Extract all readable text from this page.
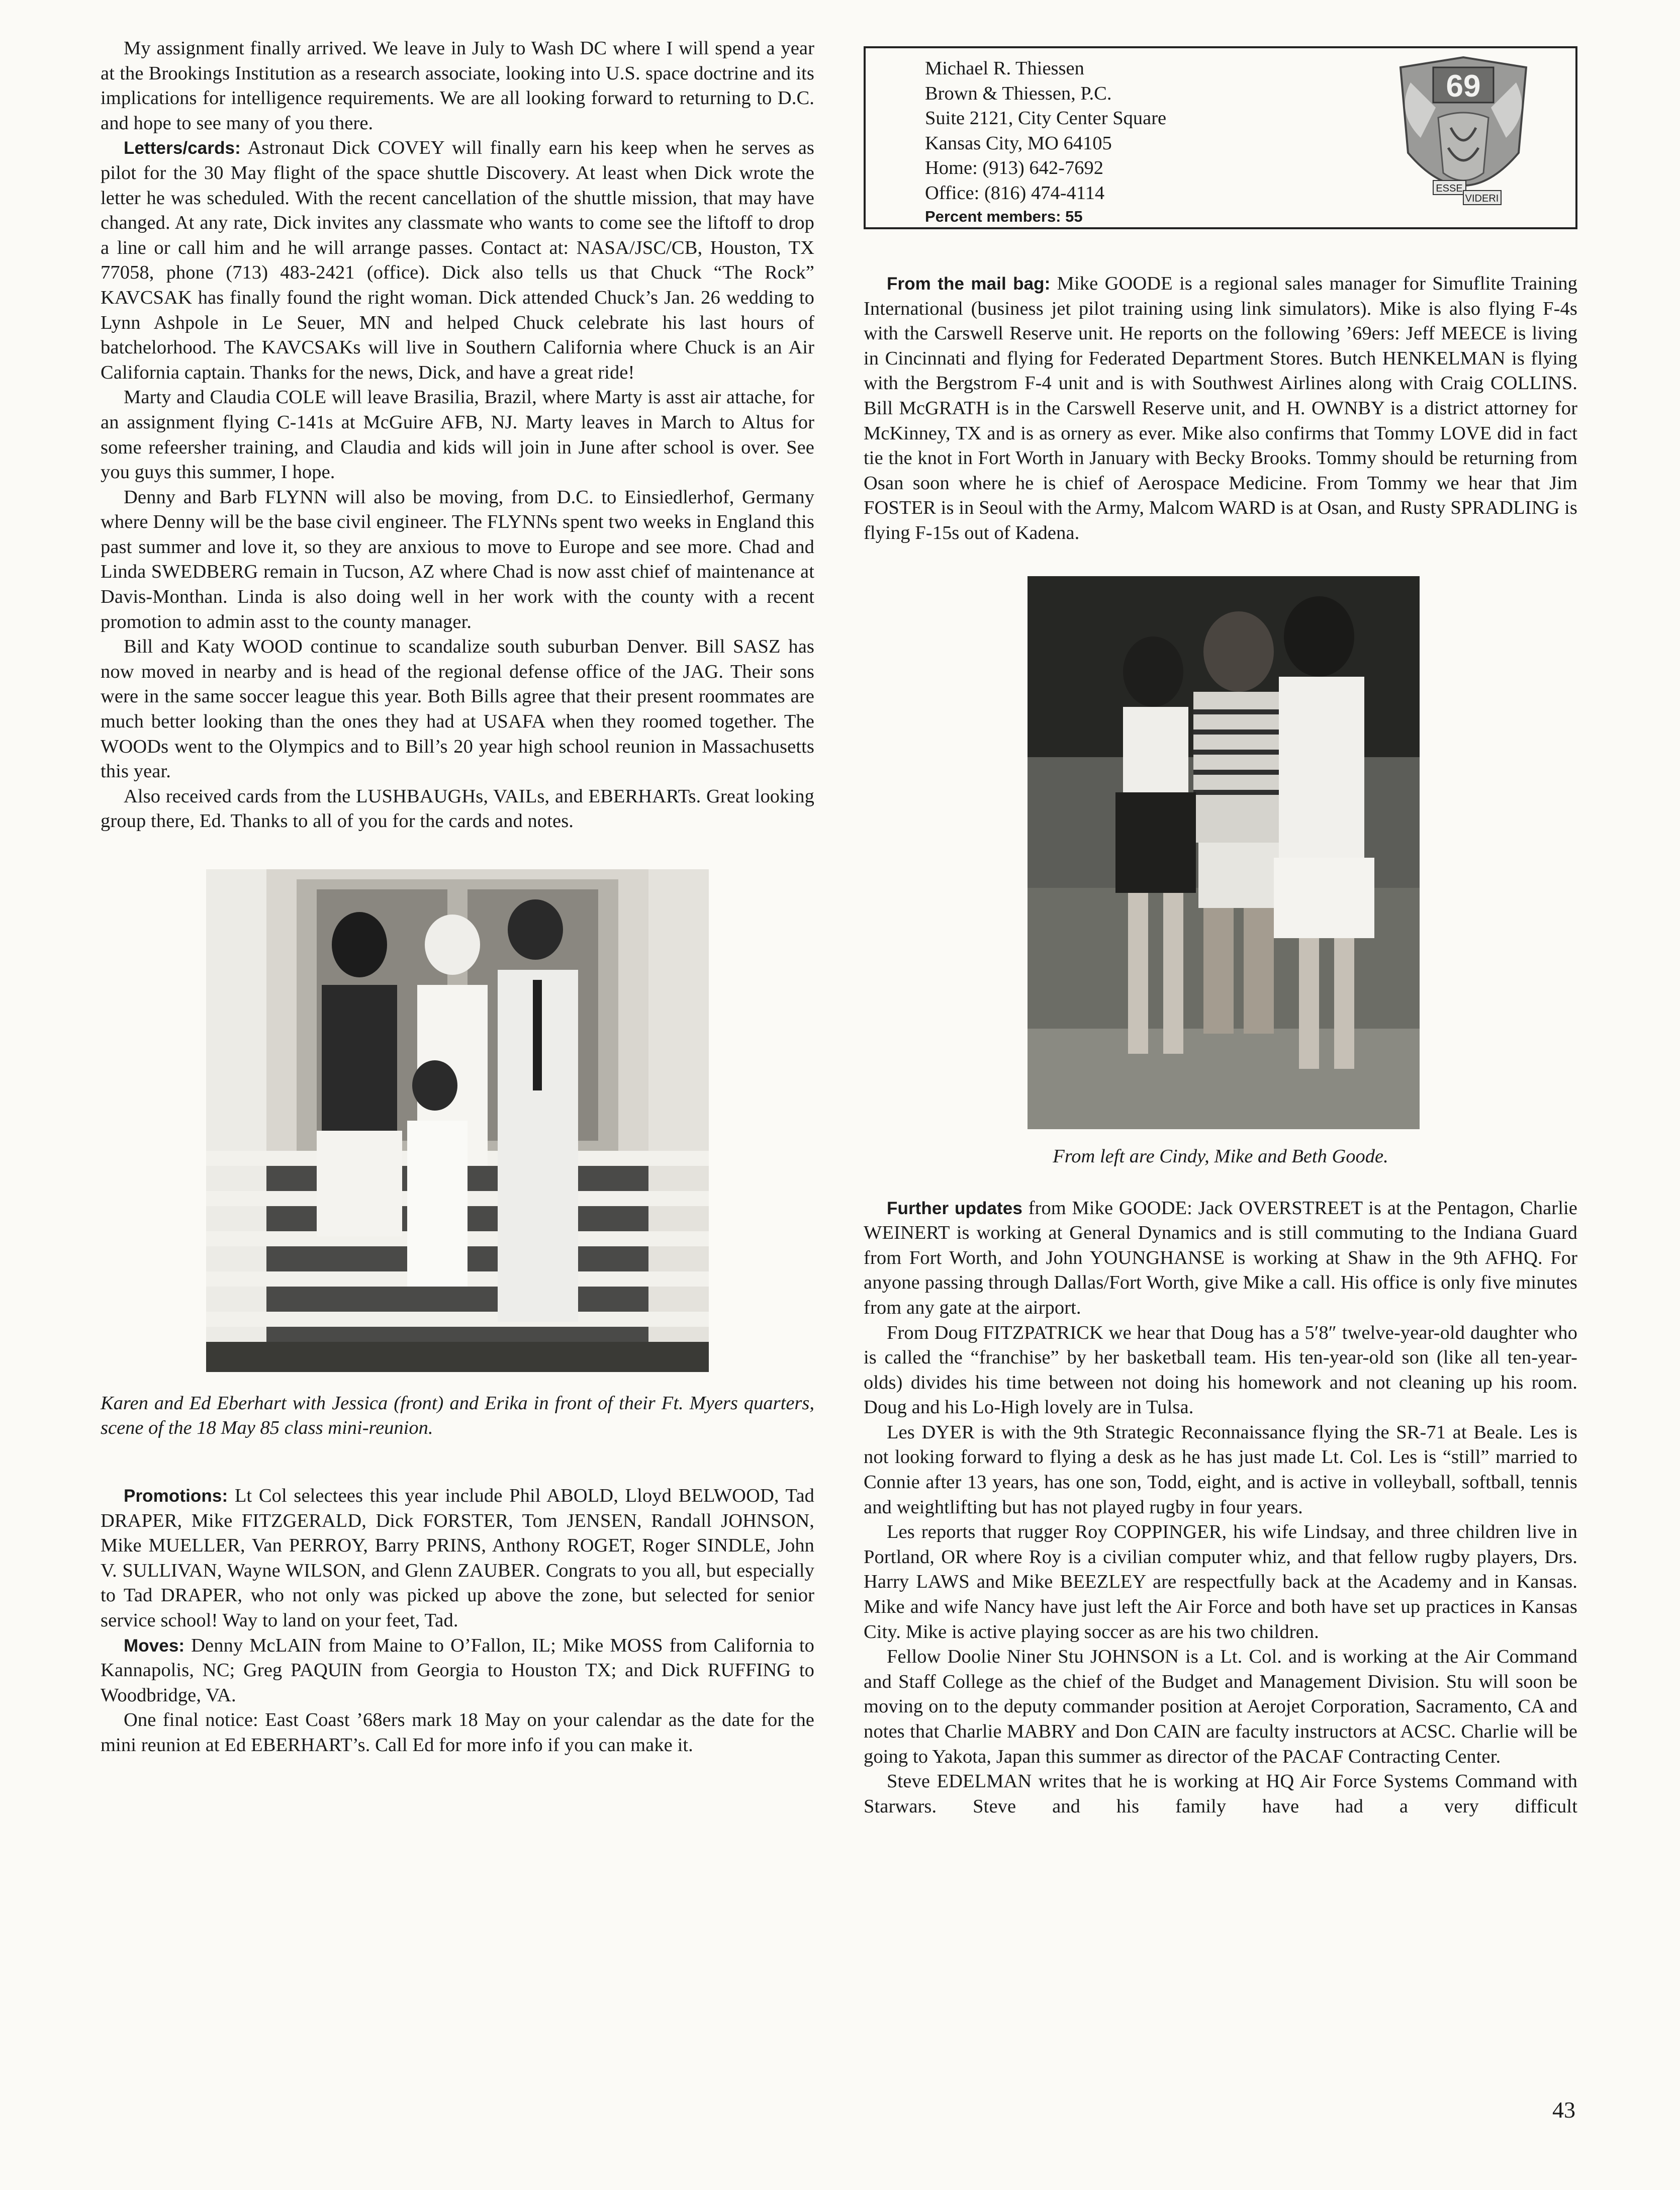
My assignment finally arrived. We leave in July to Wash DC where I will spend a year at the Brookings Institution as a research associate, looking into U.S. space doctrine and its implications for intelligence requirements. We are all looking forward to returning to D.C. and hope to see many of you there.

Letters/cards: Astronaut Dick COVEY will finally earn his keep when he serves as pilot for the 30 May flight of the space shuttle Discovery. At least when Dick wrote the letter he was scheduled. With the recent cancellation of the shuttle mission, that may have changed. At any rate, Dick invites any classmate who wants to come see the liftoff to drop a line or call him and he will arrange passes. Contact at: NASA/JSC/CB, Houston, TX 77058, phone (713) 483-2421 (office). Dick also tells us that Chuck “The Rock” KAVCSAK has finally found the right woman. Dick attended Chuck’s Jan. 26 wedding to Lynn Ashpole in Le Seuer, MN and helped Chuck celebrate his last hours of batchelorhood. The KAVCSAKs will live in Southern California where Chuck is an Air California captain. Thanks for the news, Dick, and have a great ride!

Marty and Claudia COLE will leave Brasilia, Brazil, where Marty is asst air attache, for an assignment flying C-141s at McGuire AFB, NJ. Marty leaves in March to Altus for some refeersher training, and Claudia and kids will join in June after school is over. See you guys this summer, I hope.

Denny and Barb FLYNN will also be moving, from D.C. to Einsiedlerhof, Germany where Denny will be the base civil engineer. The FLYNNs spent two weeks in England this past summer and love it, so they are anxious to move to Europe and see more. Chad and Linda SWEDBERG remain in Tucson, AZ where Chad is now asst chief of maintenance at Davis-Monthan. Linda is also doing well in her work with the county with a recent promotion to admin asst to the county manager.

Bill and Katy WOOD continue to scandalize south suburban Denver. Bill SASZ has now moved in nearby and is head of the regional defense office of the JAG. Their sons were in the same soccer league this year. Both Bills agree that their present roommates are much better looking than the ones they had at USAFA when they roomed together. The WOODs went to the Olympics and to Bill’s 20 year high school reunion in Massachusetts this year.

Also received cards from the LUSHBAUGHs, VAILs, and EBERHARTs. Great looking group there, Ed. Thanks to all of you for the cards and notes.

Karen and Ed Eberhart with Jessica (front) and Erika in front of their Ft. Myers quarters, scene of the 18 May 85 class mini-reunion.

Promotions: Lt Col selectees this year include Phil ABOLD, Lloyd BELWOOD, Tad DRAPER, Mike FITZGERALD, Dick FORSTER, Tom JENSEN, Randall JOHNSON, Mike MUELLER, Van PERROY, Barry PRINS, Anthony ROGET, Roger SINDLE, John V. SULLIVAN, Wayne WILSON, and Glenn ZAUBER. Congrats to you all, but especially to Tad DRAPER, who not only was picked up above the zone, but selected for senior service school! Way to land on your feet, Tad.

Moves: Denny McLAIN from Maine to O’Fallon, IL; Mike MOSS from California to Kannapolis, NC; Greg PAQUIN from Georgia to Houston TX; and Dick RUFFING to Woodbridge, VA.

One final notice: East Coast ’68ers mark 18 May on your calendar as the date for the mini reunion at Ed EBERHART’s. Call Ed for more info if you can make it.

Michael R. Thiessen
Brown & Thiessen, P.C.
Suite 2121, City Center Square
Kansas City, MO 64105
Home: (913) 642-7692
Office: (816) 474-4114
Percent members: 55
69
ESSE
VIDERI

From the mail bag: Mike GOODE is a regional sales manager for Simuflite Training International (business jet pilot training using link simulators). Mike is also flying F-4s with the Carswell Reserve unit. He reports on the following ’69ers: Jeff MEECE is living in Cincinnati and flying for Federated Department Stores. Butch HENKELMAN is flying with the Bergstrom F-4 unit and is with Southwest Airlines along with Craig COLLINS. Bill McGRATH is in the Carswell Reserve unit, and H. OWNBY is a district attorney for McKinney, TX and is as ornery as ever. Mike also confirms that Tommy LOVE did in fact tie the knot in Fort Worth in January with Becky Brooks. Tommy should be returning from Osan soon where he is chief of Aerospace Medicine. From Tommy we hear that Jim FOSTER is in Seoul with the Army, Malcom WARD is at Osan, and Rusty SPRADLING is flying F-15s out of Kadena.

From left are Cindy, Mike and Beth Goode.

Further updates from Mike GOODE: Jack OVERSTREET is at the Pentagon, Charlie WEINERT is working at General Dynamics and is still commuting to the Indiana Guard from Fort Worth, and John YOUNGHANSE is working at Shaw in the 9th AFHQ. For anyone passing through Dallas/Fort Worth, give Mike a call. His office is only five minutes from any gate at the airport.

From Doug FITZPATRICK we hear that Doug has a 5′8″ twelve-year-old daughter who is called the “franchise” by her basketball team. His ten-year-old son (like all ten-year-olds) divides his time between not doing his homework and not cleaning up his room. Doug and his Lo-High lovely are in Tulsa.

Les DYER is with the 9th Strategic Reconnaissance flying the SR-71 at Beale. Les is not looking forward to flying a desk as he has just made Lt. Col. Les is “still” married to Connie after 13 years, has one son, Todd, eight, and is active in volleyball, softball, tennis and weightlifting but has not played rugby in four years.

Les reports that rugger Roy COPPINGER, his wife Lindsay, and three children live in Portland, OR where Roy is a civilian computer whiz, and that fellow rugby players, Drs. Harry LAWS and Mike BEEZLEY are respectfully back at the Academy and in Kansas. Mike and wife Nancy have just left the Air Force and both have set up practices in Kansas City. Mike is active playing soccer as are his two children.

Fellow Doolie Niner Stu JOHNSON is a Lt. Col. and is working at the Air Command and Staff College as the chief of the Budget and Management Division. Stu will soon be moving on to the deputy commander position at Aerojet Corporation, Sacramento, CA and notes that Charlie MABRY and Don CAIN are faculty instructors at ACSC. Charlie will be going to Yakota, Japan this summer as director of the PACAF Contracting Center.

Steve EDELMAN writes that he is working at HQ Air Force Systems Command with Starwars. Steve and his family have had a very difficult

43
